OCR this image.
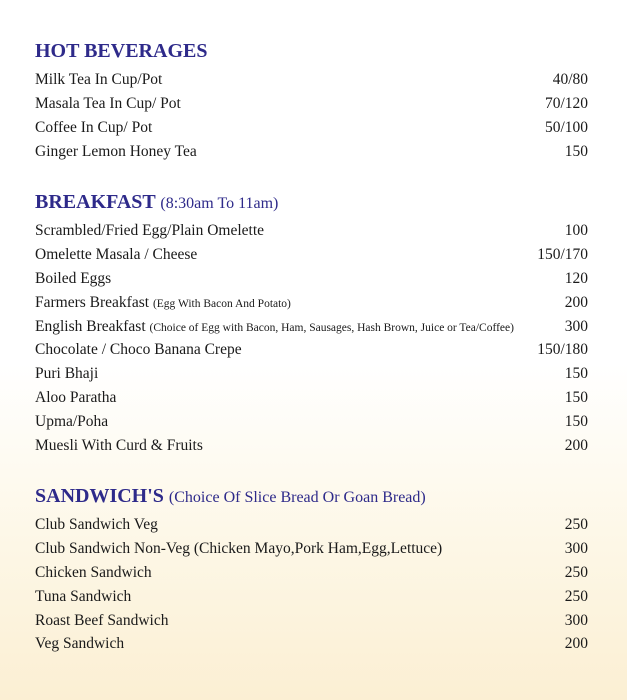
HOT BEVERAGES
Milk Tea In Cup/Pot	40/80
Masala Tea In Cup/ Pot	70/120
Coffee In Cup/ Pot	50/100
Ginger Lemon Honey Tea	150
BREAKFAST (8:30am To 11am)
Scrambled/Fried Egg/Plain Omelette	100
Omelette Masala / Cheese	150/170
Boiled Eggs	120
Farmers Breakfast (Egg With Bacon And Potato)	200
English Breakfast (Choice of Egg with Bacon, Ham, Sausages, Hash Brown, Juice or Tea/Coffee)	300
Chocolate / Choco Banana Crepe	150/180
Puri Bhaji	150
Aloo Paratha	150
Upma/Poha	150
Muesli With Curd & Fruits	200
SANDWICH'S (Choice Of Slice Bread Or Goan Bread)
Club Sandwich Veg	250
Club Sandwich Non-Veg (Chicken Mayo,Pork Ham,Egg,Lettuce)	300
Chicken Sandwich	250
Tuna Sandwich	250
Roast Beef Sandwich	300
Veg Sandwich	200
